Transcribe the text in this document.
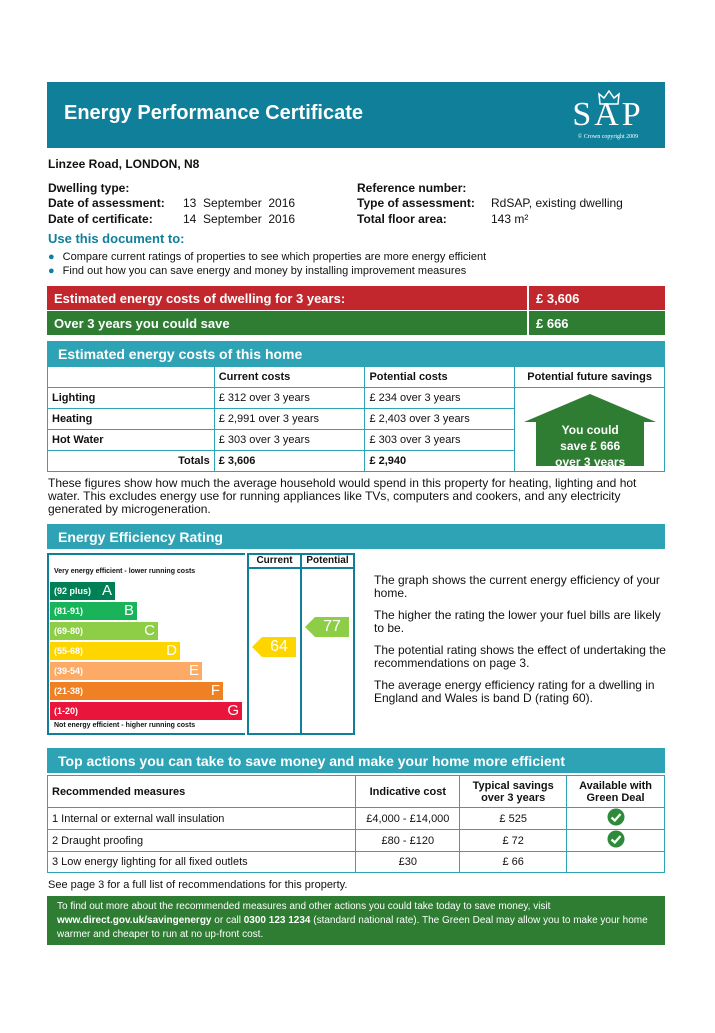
Energy Performance Certificate	SAP
© Crown copyright 2009
Linzee Road, LONDON, N8
Dwelling type:
Date of assessment: 13  September  2016
Date of certificate:	14  September  2016
Reference number:
Type of assessment: RdSAP, existing dwelling
Total floor area:	143 m²
Use this document to:
● Compare current ratings of properties to see which properties are more energy efficient
● Find out how you can save energy and money by installing improvement measures
Estimated energy costs of dwelling for 3 years:	£ 3,606
Over 3 years you could save	£ 666
Estimated energy costs of this home
	Current costs	Potential costs	Potential future savings
Lighting	£ 312 over 3 years	£ 234 over 3 years	You could
save £ 666
over 3 years

Heating	£ 2,991 over 3 years	£ 2,403 over 3 years	
Hot Water	£ 303 over 3 years	£ 303 over 3 years	
Totals	£ 3,606	£ 2,940	
These figures show how much the average household would spend in this property for heating, lighting and hot water. This excludes energy use for running appliances like TVs, computers and cookers, and any electricity generated by microgeneration.
Energy Efficiency Rating
Current	Potential
Very energy efficient - lower running costs
(92 plus) A
(81-91)	B
(69-80)	C
(55-68)	D
(39-54)	E
(21-38)	F
(1-20)	G
Not energy efficient - higher running costs
64
77

The graph shows the current energy efficiency of your home.

The higher the rating the lower your fuel bills are likely to be.

The potential rating shows the effect of undertaking the recommendations on page 3.

The average energy efficiency rating for a dwelling in England and Wales is band D (rating 60).

Top actions you can take to save money and make your home more efficient
Recommended measures	Indicative cost	Typical savings over 3 years	Available with Green Deal
1 Internal or external wall insulation	£4,000 - £14,000	£ 525	
2 Draught proofing	£80 - £120	£ 72	
3 Low energy lighting for all fixed outlets	£30	£ 66	
See page 3 for a full list of recommendations for this property.
To find out more about the recommended measures and other actions you could take today to save money, visit www.direct.gov.uk/savingenergy or call 0300 123 1234 (standard national rate). The Green Deal may allow you to make your home warmer and cheaper to run at no up-front cost.
